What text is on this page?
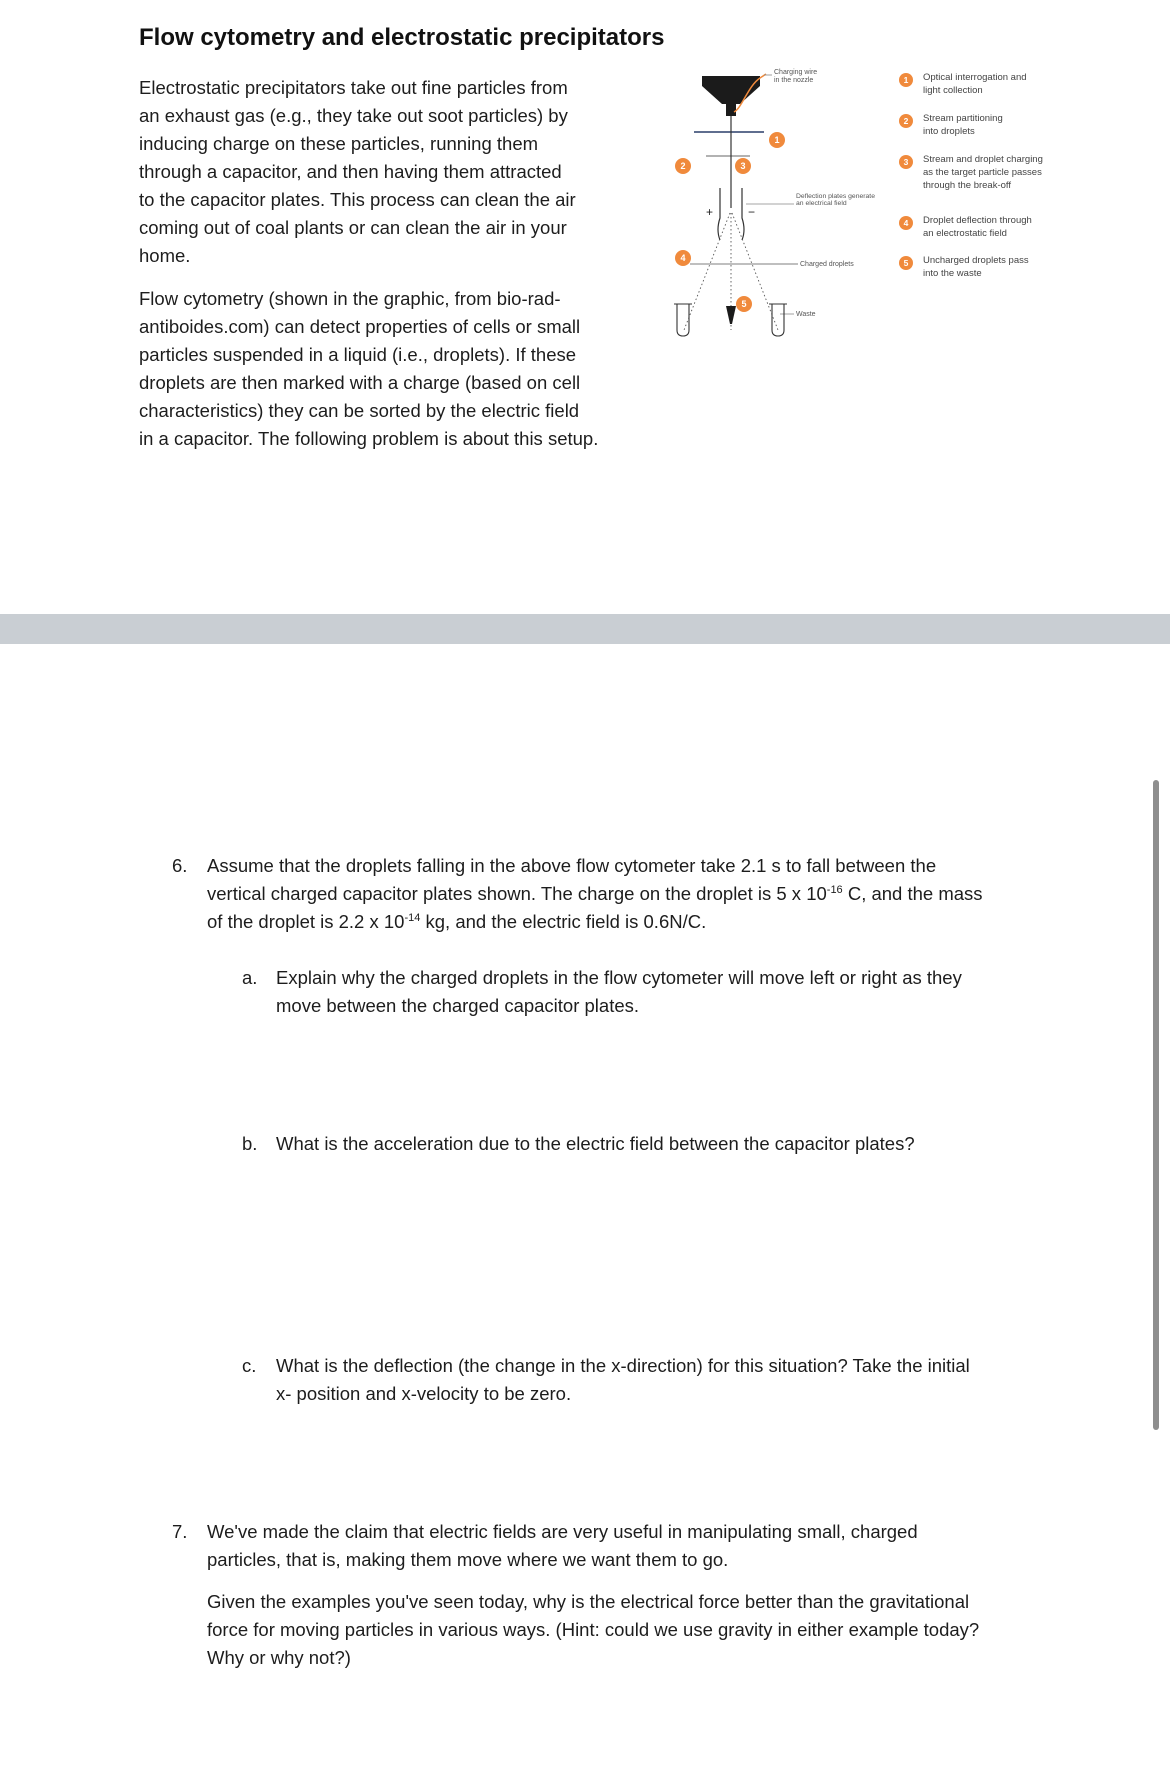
Flow cytometry and electrostatic precipitators
Electrostatic precipitators take out fine particles from
an exhaust gas (e.g., they take out soot particles) by
inducing charge on these particles, running them
through a capacitor, and then having them attracted
to the capacitor plates. This process can clean the air
coming out of coal plants or can clean the air in your
home.
Flow cytometry (shown in the graphic, from bio-rad-
antiboides.com) can detect properties of cells or small
particles suspended in a liquid (i.e., droplets). If these
droplets are then marked with a charge (based on cell
characteristics) they can be sorted by the electric field
in a capacitor. The following problem is about this setup.
Charging wire
in the nozzle
1
2	3
+	−
Deflection plates generate
an electrical field
4
Charged droplets
5
Waste
1 Optical interrogation and
light collection
2 Stream partitioning
into droplets
3 Stream and droplet charging
as the target particle passes
through the break-off
4 Droplet deflection through
an electrostatic field
5 Uncharged droplets pass
into the waste
6. Assume that the droplets falling in the above flow cytometer take 2.1 s to fall between the
vertical charged capacitor plates shown. The charge on the droplet is 5 x $10^{-16}$ C, and the mass
of the droplet is 2.2 x $10^{-14}$ kg, and the electric field is 0.6N/C.
a. Explain why the charged droplets in the flow cytometer will move left or right as they
move between the charged capacitor plates.
b. What is the acceleration due to the electric field between the capacitor plates?
c. What is the deflection (the change in the x-direction) for this situation? Take the initial
x- position and x-velocity to be zero.
7. We've made the claim that electric fields are very useful in manipulating small, charged
particles, that is, making them move where we want them to go.
Given the examples you've seen today, why is the electrical force better than the gravitational
force for moving particles in various ways. (Hint: could we use gravity in either example today?
Why or why not?)
